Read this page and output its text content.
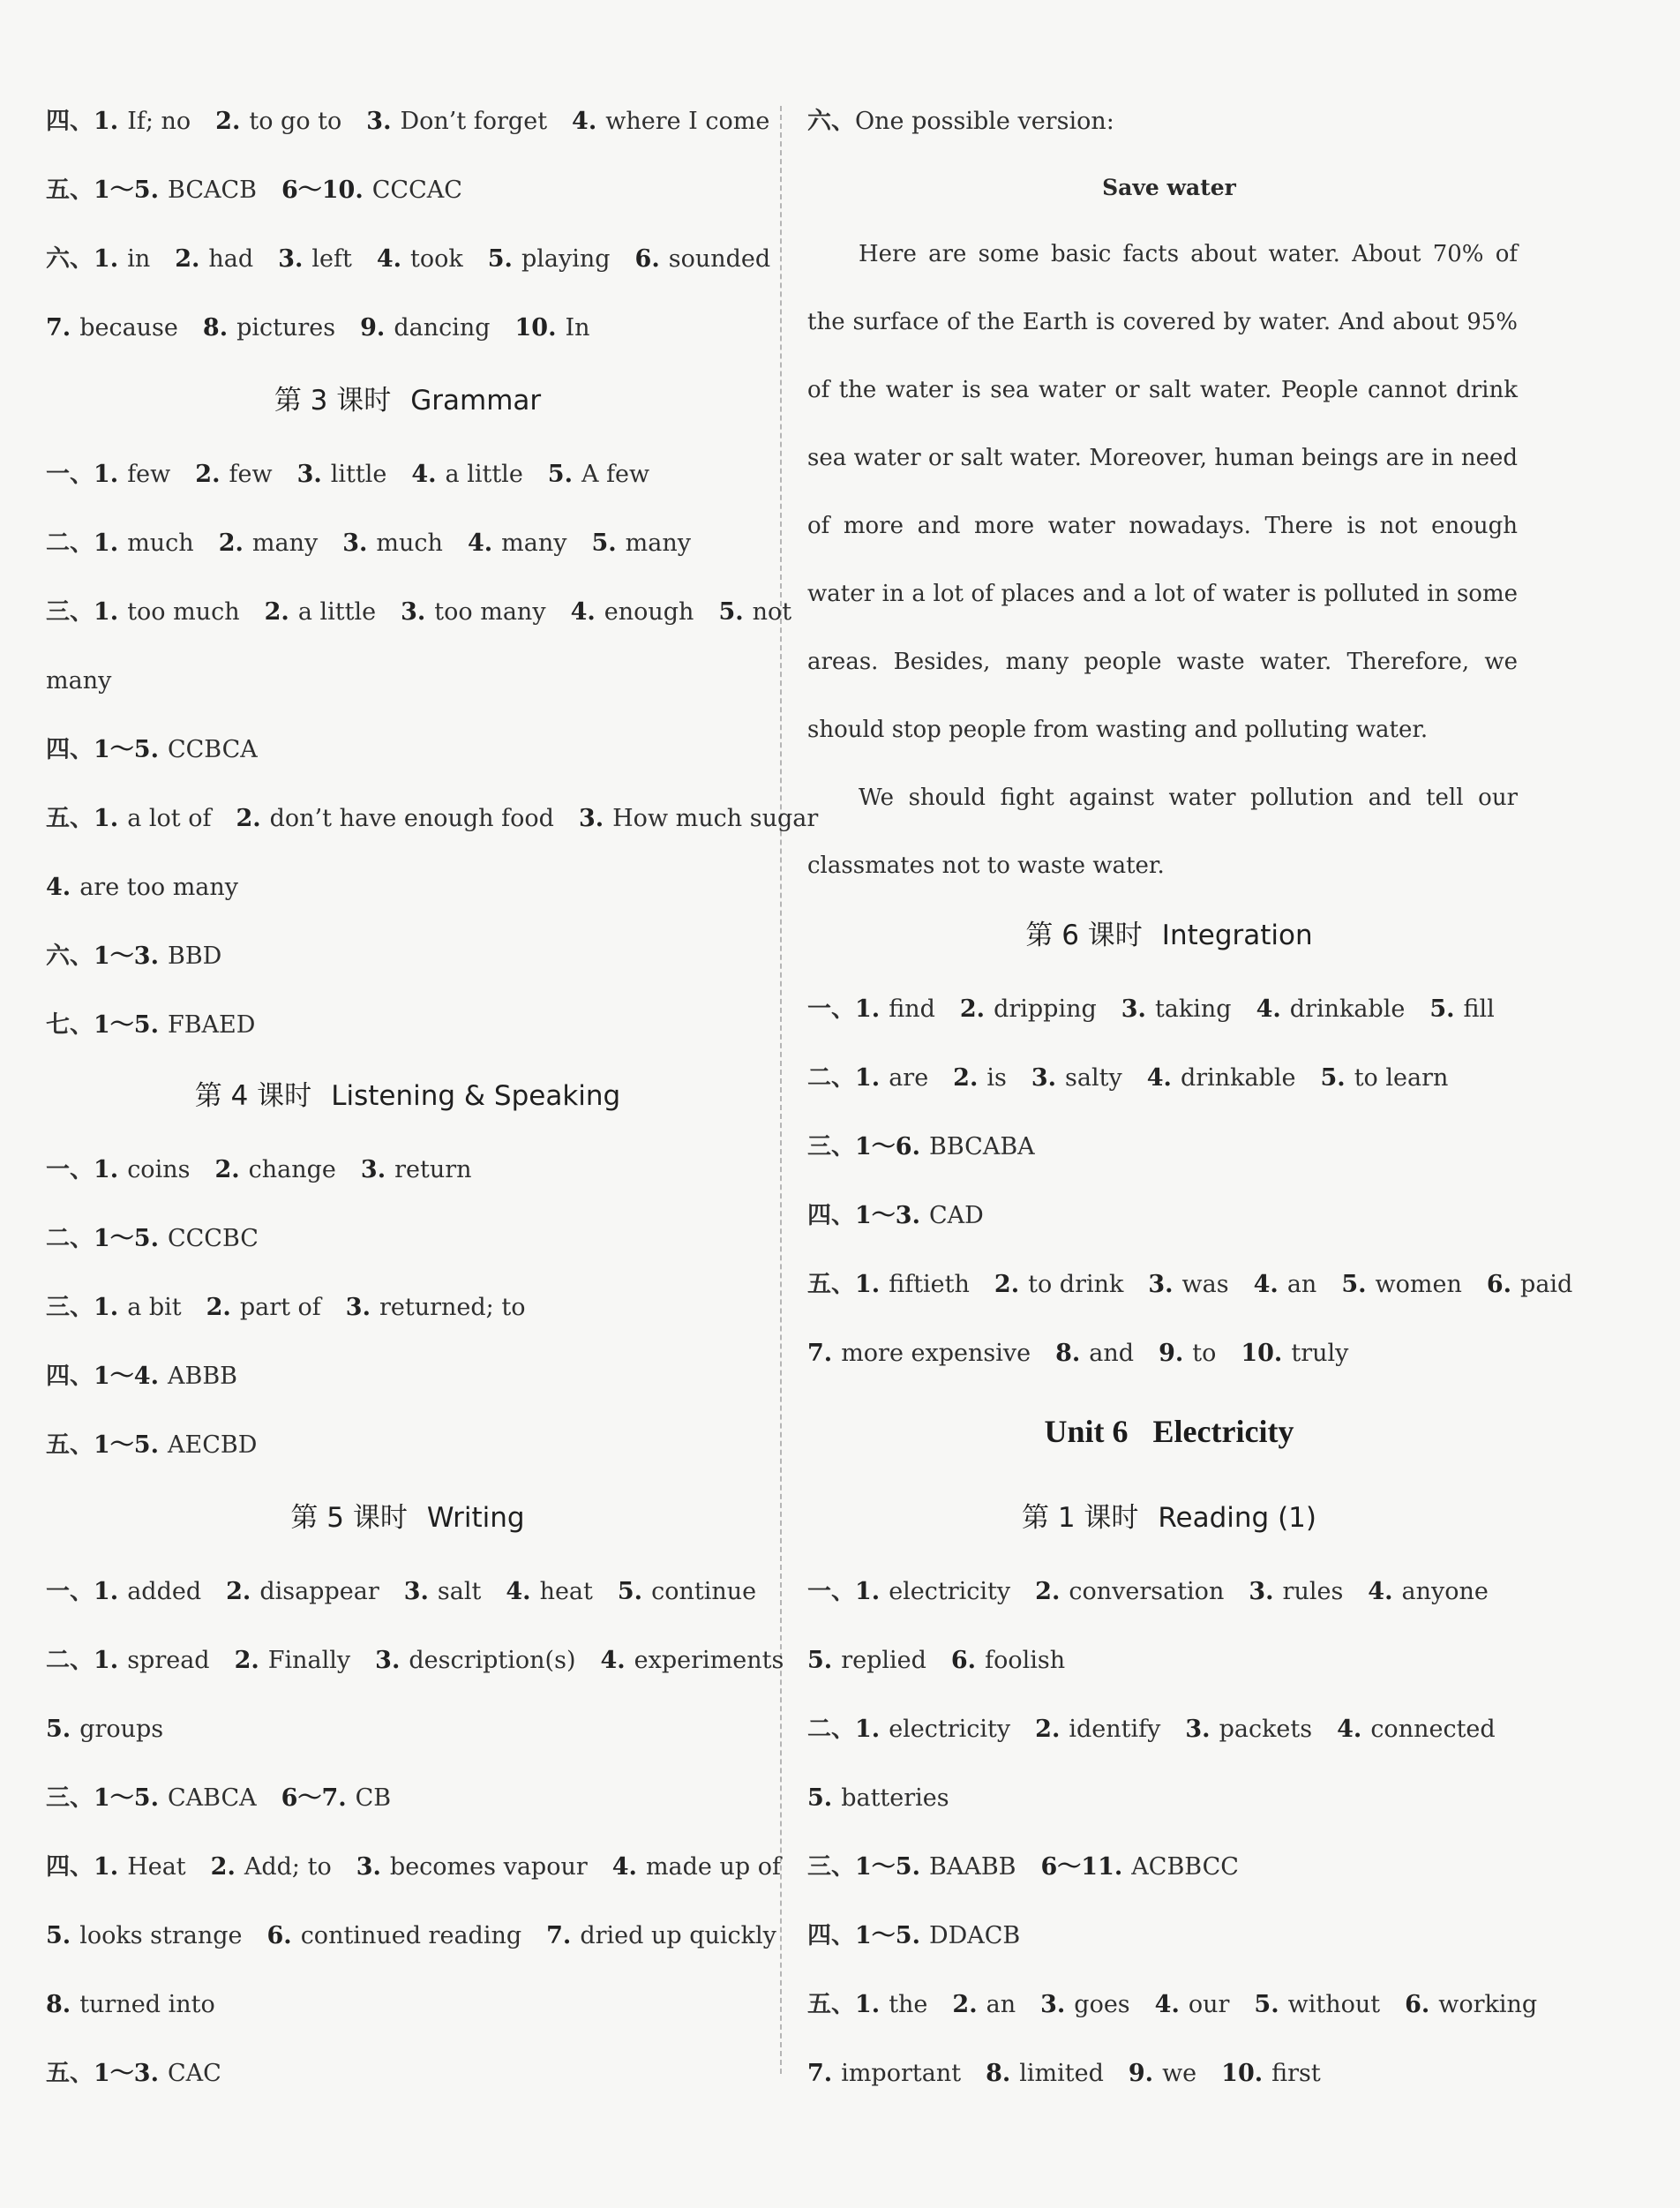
四、1. If; no 2. to go to 3. Don’t forget 4. where I come
五、1～5. BCACB 6～10. CCCAC
六、1. in 2. had 3. left 4. took 5. playing 6. sounded
7. because 8. pictures 9. dancing 10. In
第 3 课时 Grammar
一、1. few 2. few 3. little 4. a little 5. A few
二、1. much 2. many 3. much 4. many 5. many
三、1. too much 2. a little 3. too many 4. enough 5. not
many
四、1～5. CCBCA
五、1. a lot of 2. don’t have enough food 3. How much sugar
4. are too many
六、1～3. BBD
七、1～5. FBAED
第 4 课时 Listening & Speaking
一、1. coins 2. change 3. return
二、1～5. CCCBC
三、1. a bit 2. part of 3. returned; to
四、1～4. ABBB
五、1～5. AECBD
第 5 课时 Writing
一、1. added 2. disappear 3. salt 4. heat 5. continue
二、1. spread 2. Finally 3. description(s) 4. experiments
5. groups
三、1～5. CABCA 6～7. CB
四、1. Heat 2. Add; to 3. becomes vapour 4. made up of
5. looks strange 6. continued reading 7. dried up quickly
8. turned into
五、1～3. CAC
六、One possible version:
Save water
Here are some basic facts about water. About 70% of the surface of the Earth is covered by water. And about 95% of the water is sea water or salt water. People cannot drink sea water or salt water. Moreover, human beings are in need of more and more water nowadays. There is not enough water in a lot of places and a lot of water is polluted in some areas. Besides, many people waste water. Therefore, we should stop people from wasting and polluting water.
We should fight against water pollution and tell our classmates not to waste water.
第 6 课时 Integration
一、1. find 2. dripping 3. taking 4. drinkable 5. fill
二、1. are 2. is 3. salty 4. drinkable 5. to learn
三、1～6. BBCABA
四、1～3. CAD
五、1. fiftieth 2. to drink 3. was 4. an 5. women 6. paid
7. more expensive 8. and 9. to 10. truly
Unit 6 Electricity
第 1 课时 Reading (1)
一、1. electricity 2. conversation 3. rules 4. anyone
5. replied 6. foolish
二、1. electricity 2. identify 3. packets 4. connected
5. batteries
三、1～5. BAABB 6～11. ACBBCC
四、1～5. DDACB
五、1. the 2. an 3. goes 4. our 5. without 6. working
7. important 8. limited 9. we 10. first
